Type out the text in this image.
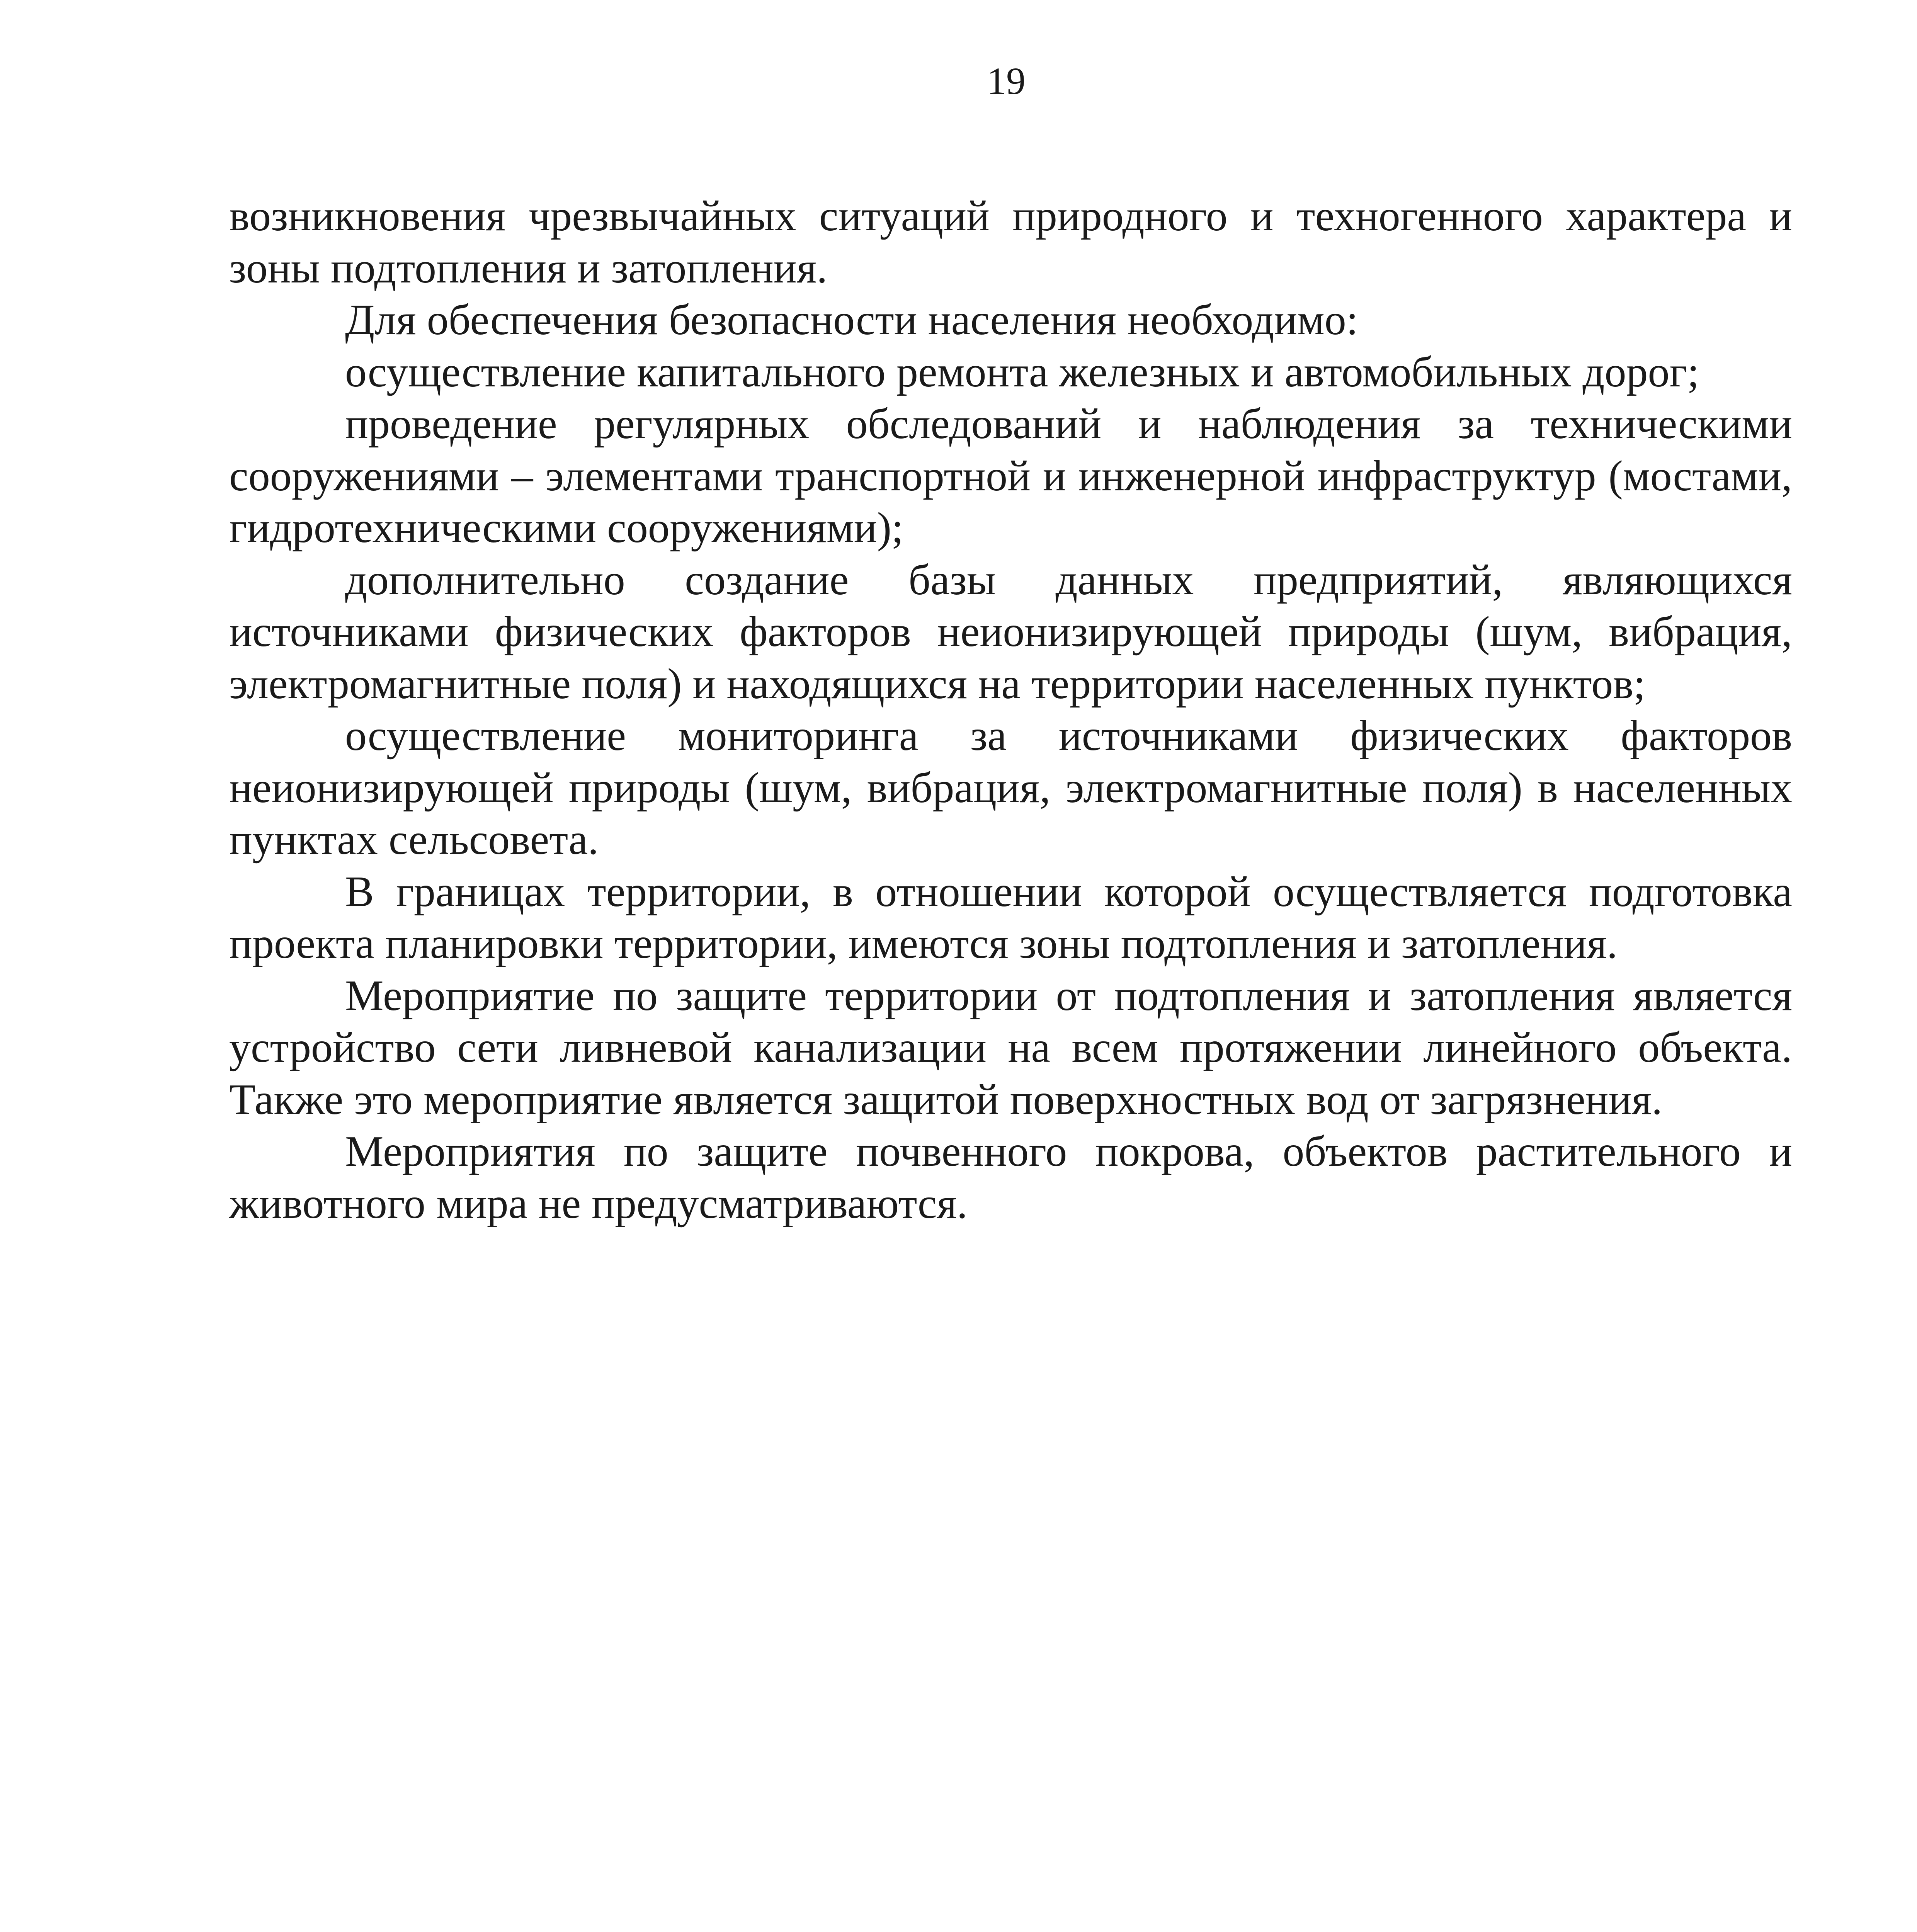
19

возникновения чрезвычайных ситуаций природного и техногенного характера и зоны подтопления и затопления.

Для обеспечения безопасности населения необходимо:

осуществление капитального ремонта железных и автомобильных дорог;

проведение регулярных обследований и наблюдения за техническими сооружениями – элементами транспортной и инженерной инфраструктур (мостами, гидротехническими сооружениями);

дополнительно создание базы данных предприятий, являющихся источниками физических факторов неионизирующей природы (шум, вибрация, электромагнитные поля) и находящихся на территории населенных пунктов;

осуществление мониторинга за источниками физических факторов неионизирующей природы (шум, вибрация, электромагнитные поля) в населенных пунктах сельсовета.

В границах территории, в отношении которой осуществляется подготовка проекта планировки территории, имеются зоны подтопления и затопления.

Мероприятие по защите территории от подтопления и затопления является устройство сети ливневой канализации на всем протяжении линейного объекта. Также это мероприятие является защитой поверхностных вод от загрязнения.

Мероприятия по защите почвенного покрова, объектов растительного и животного мира не предусматриваются.
